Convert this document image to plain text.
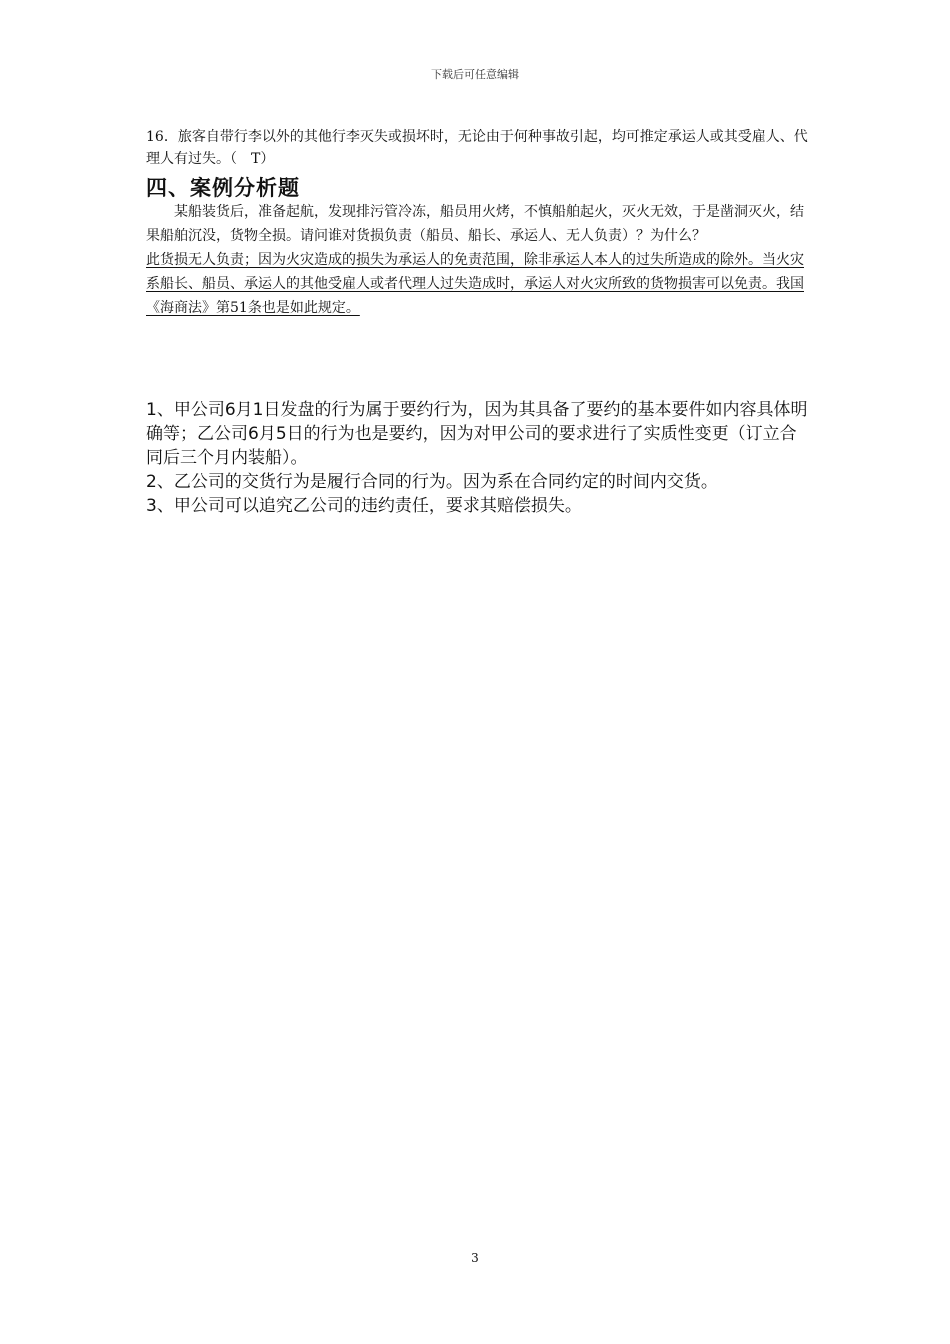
下载后可任意编辑
16．旅客自带行李以外的其他行李灭失或损坏时，无论由于何种事故引起，均可推定承运人或其受雇人、代理人有过失。（　T）
四、案例分析题

某船装货后，准备起航，发现排污管冷冻，船员用火烤，不慎船舶起火，灭火无效，于是凿洞灭火，结果船舶沉没，货物全损。请问谁对货损负责（船员、船长、承运人、无人负责）？为什么？

此货损无人负责；因为火灾造成的损失为承运人的免责范围，除非承运人本人的过失所造成的除外。当火灾系船长、船员、承运人的其他受雇人或者代理人过失造成时，承运人对火灾所致的货物损害可以免责。我国《海商法》第51条也是如此规定。

1、甲公司6月1日发盘的行为属于要约行为，因为其具备了要约的基本要件如内容具体明确等；乙公司6月5日的行为也是要约，因为对甲公司的要求进行了实质性变更（订立合同后三个月内装船）。

2、乙公司的交货行为是履行合同的行为。因为系在合同约定的时间内交货。

3、甲公司可以追究乙公司的违约责任，要求其赔偿损失。

3
